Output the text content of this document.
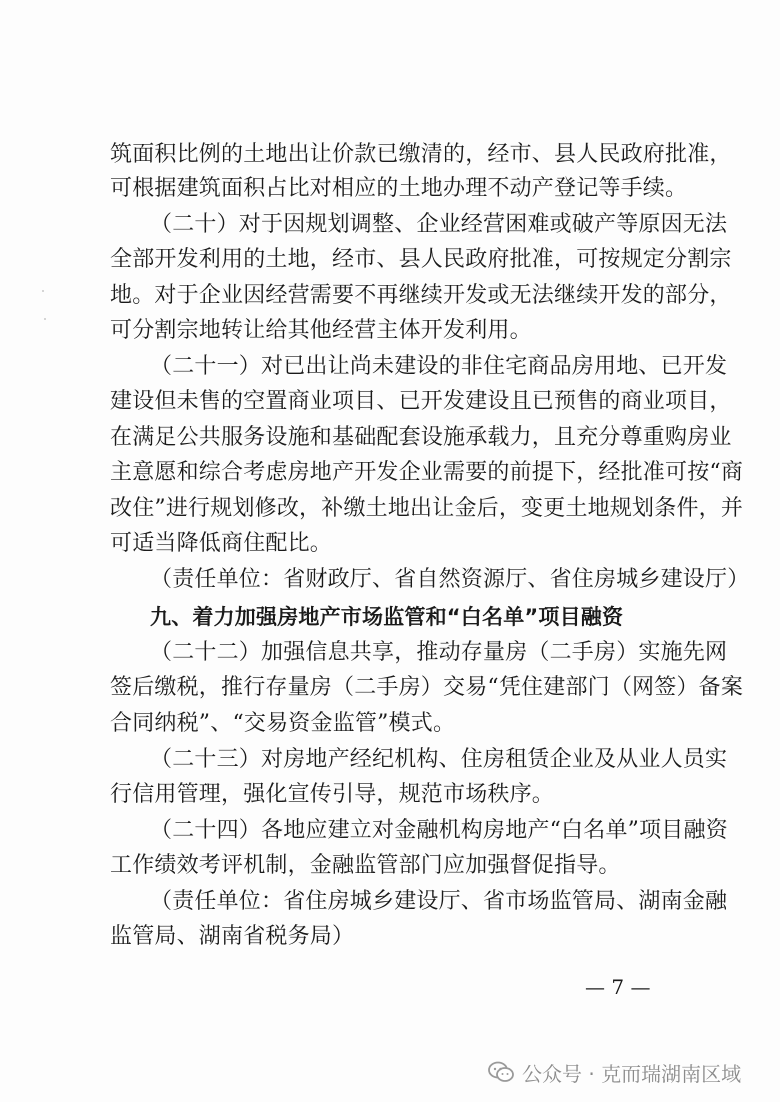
筑面积比例的土地出让价款已缴清的，经市、县人民政府批准，
可根据建筑面积占比对相应的土地办理不动产登记等手续。
（二十）对于因规划调整、企业经营困难或破产等原因无法
全部开发利用的土地，经市、县人民政府批准，可按规定分割宗
地。对于企业因经营需要不再继续开发或无法继续开发的部分，
可分割宗地转让给其他经营主体开发利用。
（二十一）对已出让尚未建设的非住宅商品房用地、已开发
建设但未售的空置商业项目、已开发建设且已预售的商业项目，
在满足公共服务设施和基础配套设施承载力，且充分尊重购房业
主意愿和综合考虑房地产开发企业需要的前提下，经批准可按“商
改住”进行规划修改，补缴土地出让金后，变更土地规划条件，并
可适当降低商住配比。
（责任单位：省财政厅、省自然资源厅、省住房城乡建设厅）
九、着力加强房地产市场监管和“白名单”项目融资
（二十二）加强信息共享，推动存量房（二手房）实施先网
签后缴税，推行存量房（二手房）交易“凭住建部门（网签）备案
合同纳税”、“交易资金监管”模式。
（二十三）对房地产经纪机构、住房租赁企业及从业人员实
行信用管理，强化宣传引导，规范市场秩序。
（二十四）各地应建立对金融机构房地产“白名单”项目融资
工作绩效考评机制，金融监管部门应加强督促指导。
（责任单位：省住房城乡建设厅、省市场监管局、湖南金融
监管局、湖南省税务局）
— 7 —
公众号 · 克而瑞湖南区域
